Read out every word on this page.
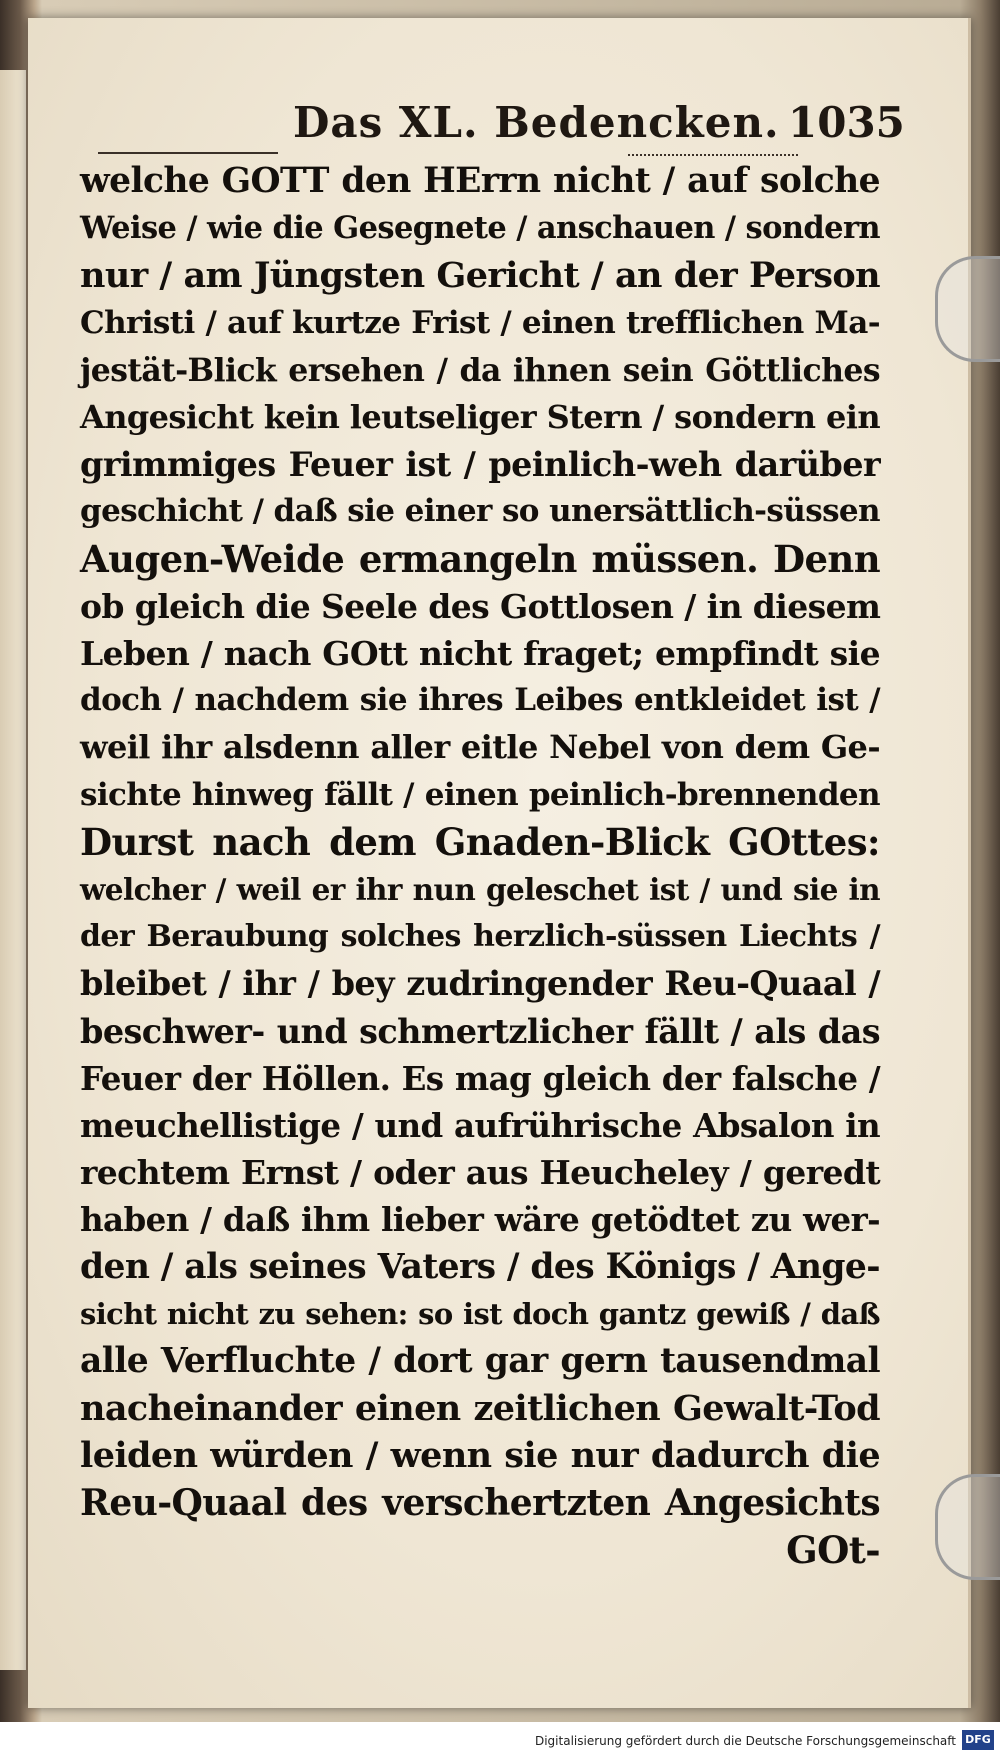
Das XL. Bedencken. 1035
welche GOTT den HErrn nicht / auf solche
Weise / wie die Gesegnete / anschauen / sondern
nur / am Jüngsten Gericht / an der Person
Christi / auf kurtze Frist / einen trefflichen Ma-
jestät-Blick ersehen / da ihnen sein Göttliches
Angesicht kein leutseliger Stern / sondern ein
grimmiges Feuer ist / peinlich-weh darüber
geschicht / daß sie einer so unersättlich-süssen
Augen-Weide ermangeln müssen. Denn
ob gleich die Seele des Gottlosen / in diesem
Leben / nach GOtt nicht fraget; empfindt sie
doch / nachdem sie ihres Leibes entkleidet ist /
weil ihr alsdenn aller eitle Nebel von dem Ge-
sichte hinweg fällt / einen peinlich-brennenden
Durst nach dem Gnaden-Blick GOttes:
welcher / weil er ihr nun geleschet ist / und sie in
der Beraubung solches herzlich-süssen Liechts /
bleibet / ihr / bey zudringender Reu-Quaal /
beschwer- und schmertzlicher fällt / als das
Feuer der Höllen. Es mag gleich der falsche /
meuchellistige / und aufrührische Absalon in
rechtem Ernst / oder aus Heucheley / geredt
haben / daß ihm lieber wäre getödtet zu wer-
den / als seines Vaters / des Königs / Ange-
sicht nicht zu sehen: so ist doch gantz gewiß / daß
alle Verfluchte / dort gar gern tausendmal
nacheinander einen zeitlichen Gewalt-Tod
leiden würden / wenn sie nur dadurch die
Reu-Quaal des verschertzten Angesichts
GOt-
Digitalisierung gefördert durch die Deutsche Forschungsgemeinschaft DFG
